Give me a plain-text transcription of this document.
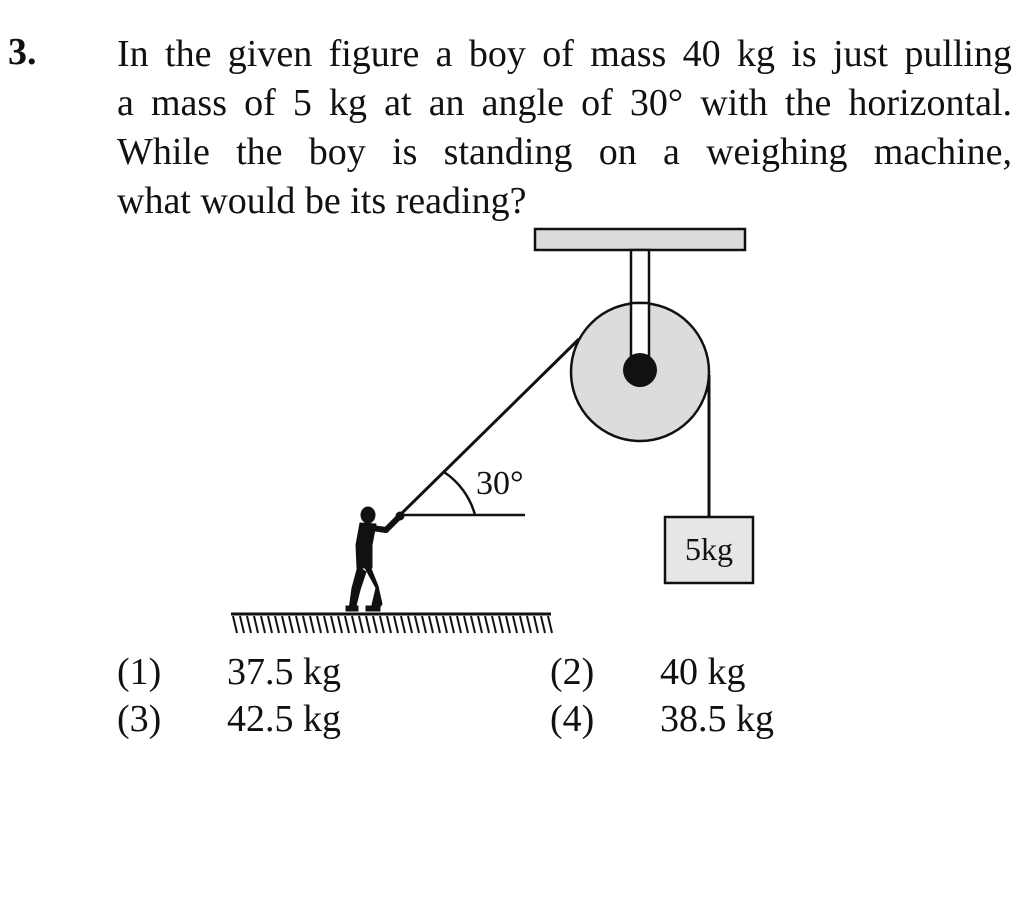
3. In the given figure a boy of mass 40 kg is just pulling
a mass of 5 kg at an angle of 30° with the horizontal.
While the boy is standing on a weighing machine,
what would be its reading?
30°
5kg
(1) 37.5 kg	(2) 40 kg
(3) 42.5 kg	(4) 38.5 kg
